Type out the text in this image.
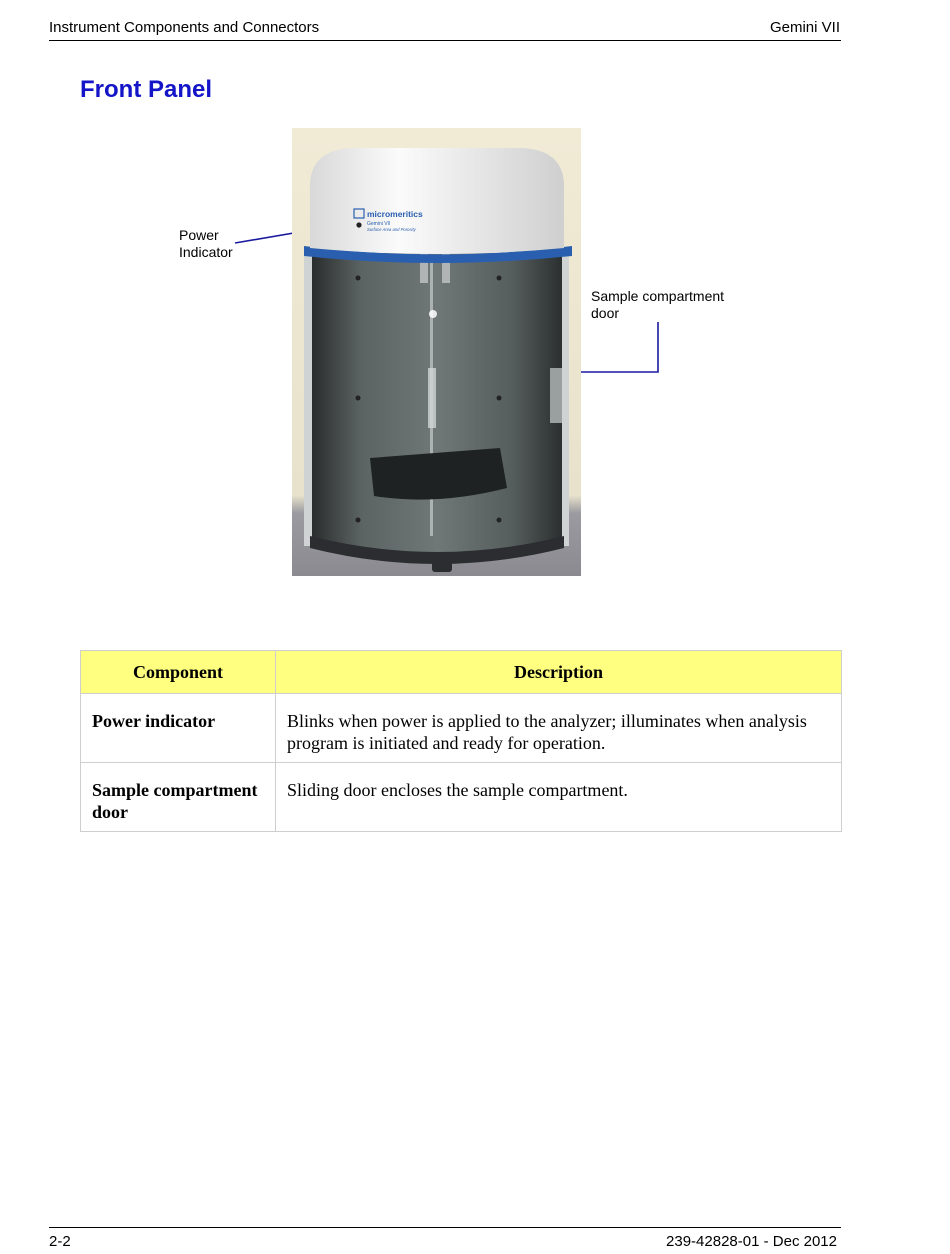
Instrument Components and Connectors	Gemini VII
Front Panel
Power
Indicator
Sample compartment
door
micromeritics
Gemini VII
Surface Area and Porosity
Component	Description
Power indicator	Blinks when power is applied to the analyzer; illuminates when analysis program is initiated and ready for operation.
Sample compartment door	Sliding door encloses the sample compartment.
2-2	239-42828-01 - Dec 2012
